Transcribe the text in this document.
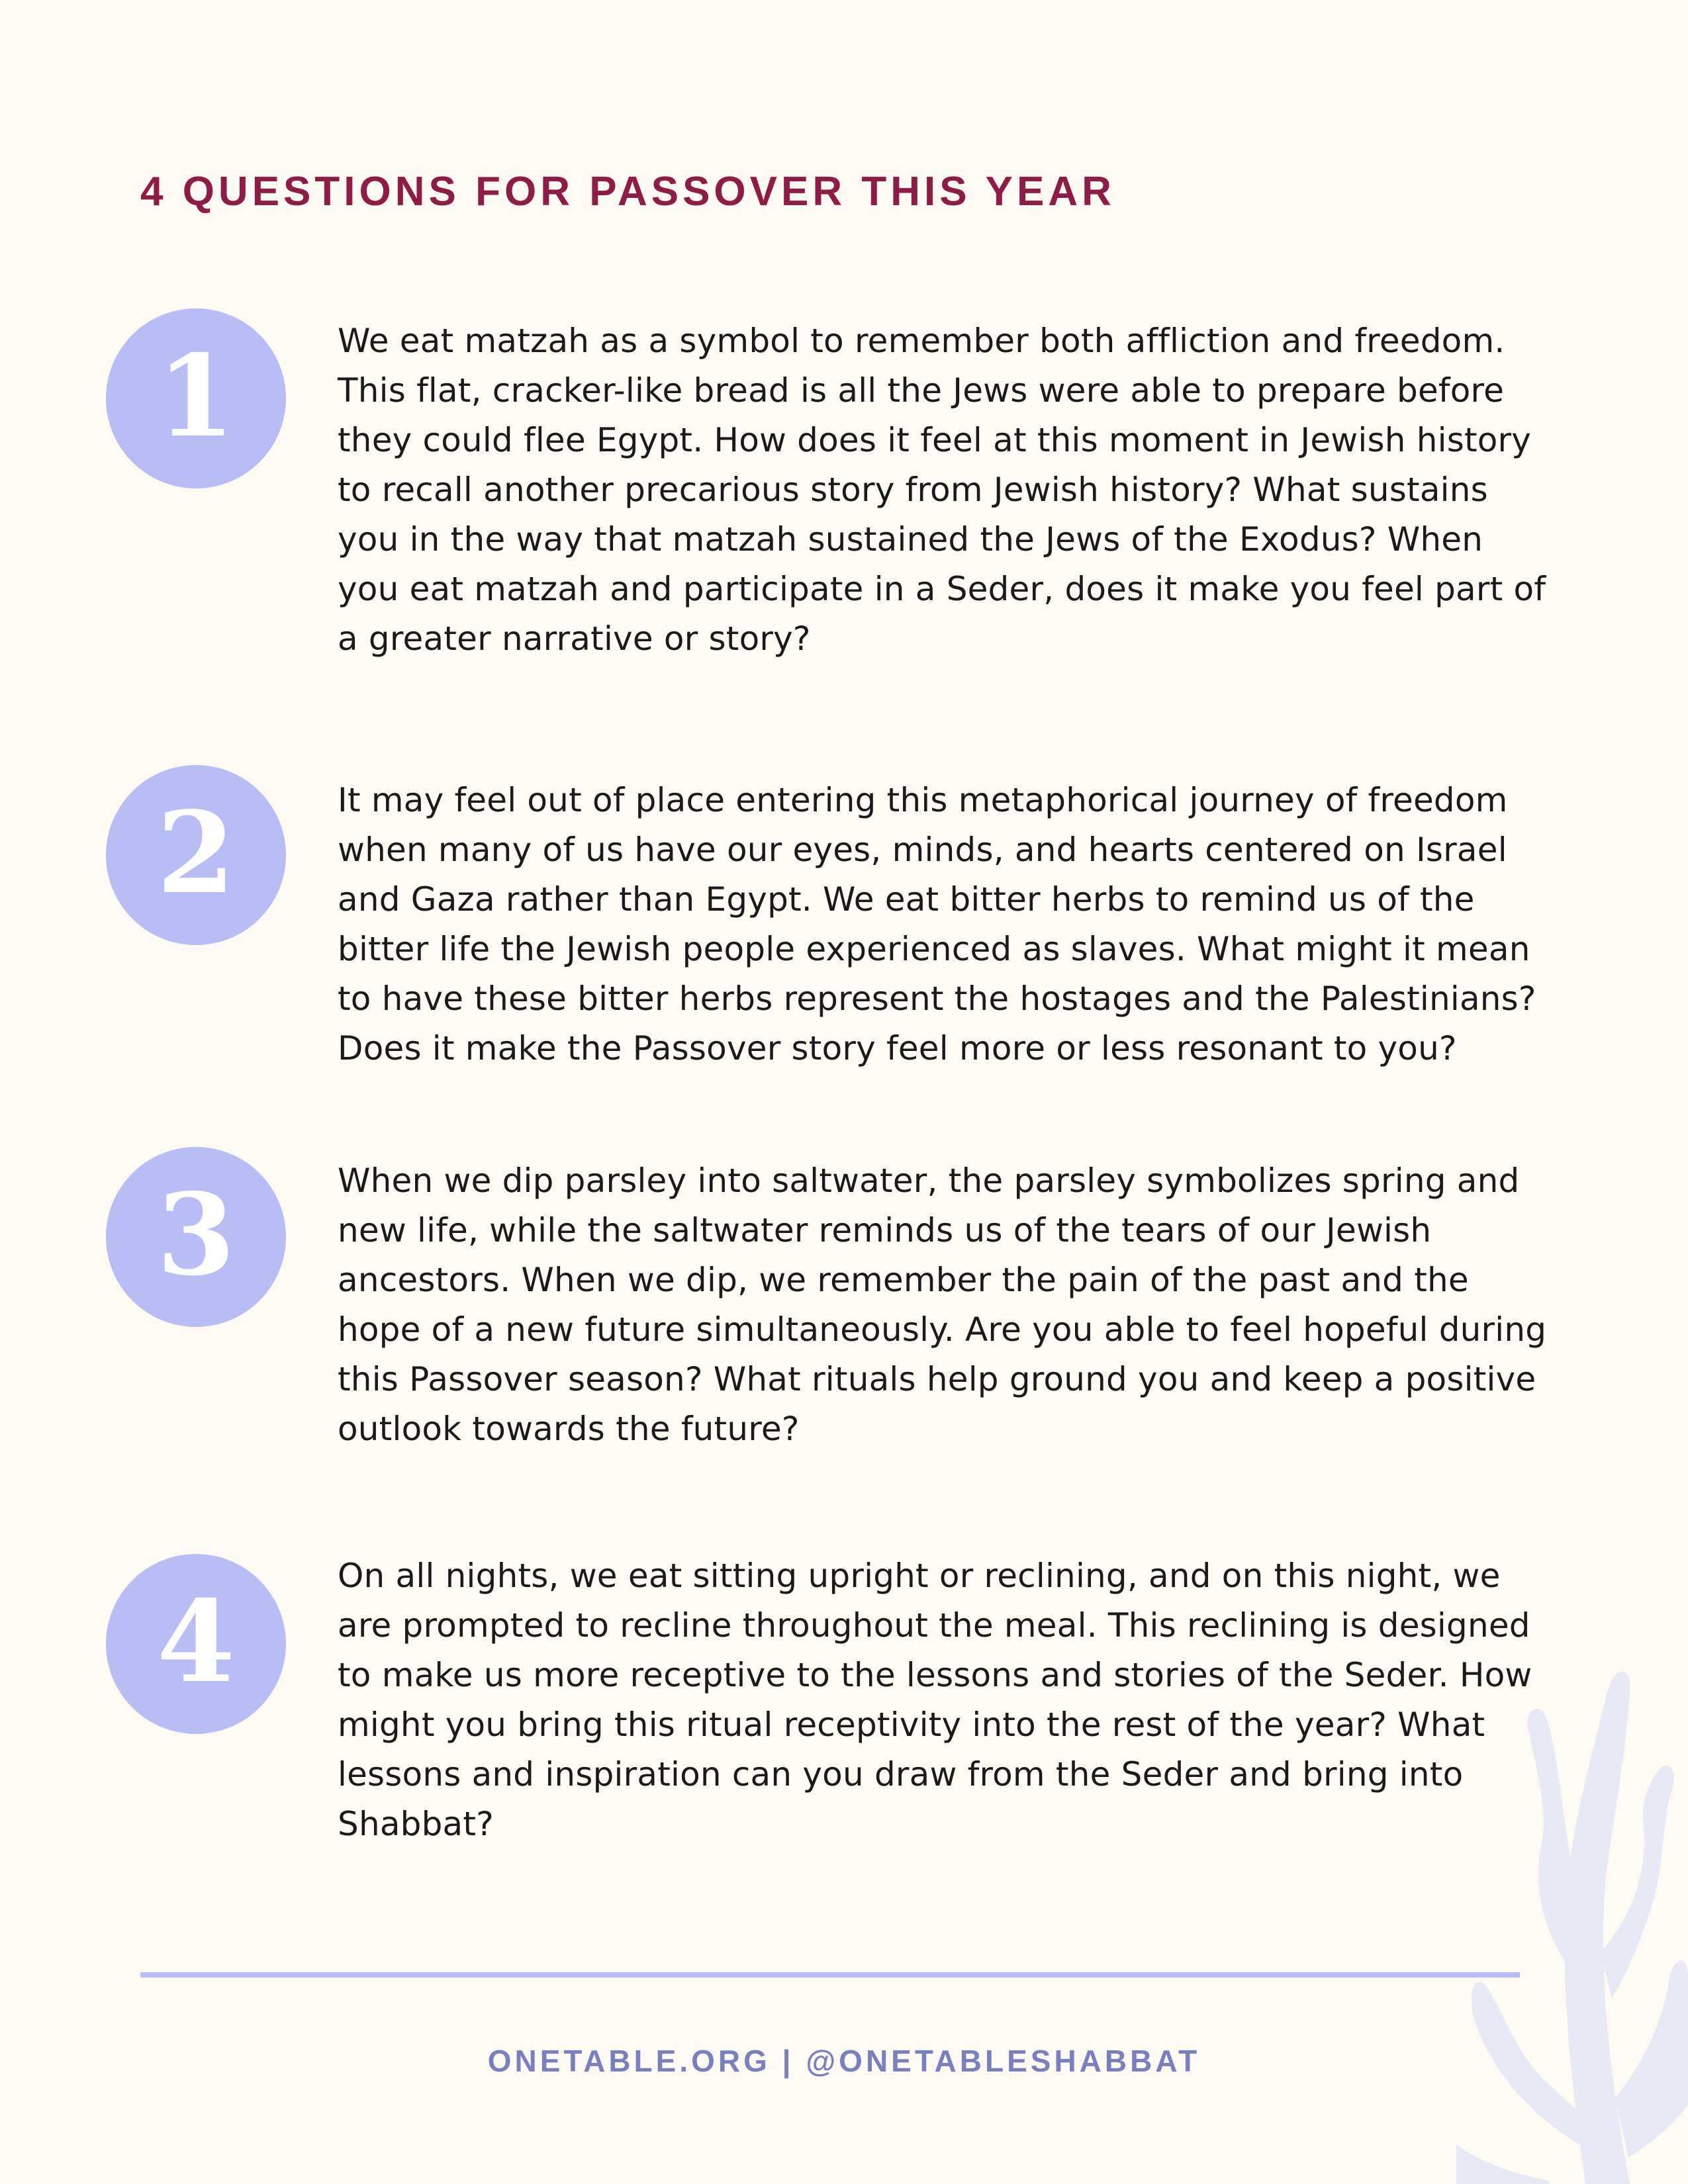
4 QUESTIONS FOR PASSOVER THIS YEAR
1	We eat matzah as a symbol to remember both affliction and freedom. This flat, cracker-like bread is all the Jews were able to prepare before they could flee Egypt. How does it feel at this moment in Jewish history to recall another precarious story from Jewish history? What sustains you in the way that matzah sustained the Jews of the Exodus? When you eat matzah and participate in a Seder, does it make you feel part of a greater narrative or story?

2	It may feel out of place entering this metaphorical journey of freedom when many of us have our eyes, minds, and hearts centered on Israel and Gaza rather than Egypt. We eat bitter herbs to remind us of the bitter life the Jewish people experienced as slaves. What might it mean to have these bitter herbs represent the hostages and the Palestinians? Does it make the Passover story feel more or less resonant to you?

3	When we dip parsley into saltwater, the parsley symbolizes spring and new life, while the saltwater reminds us of the tears of our Jewish ancestors. When we dip, we remember the pain of the past and the hope of a new future simultaneously. Are you able to feel hopeful during this Passover season? What rituals help ground you and keep a positive outlook towards the future?

4	On all nights, we eat sitting upright or reclining, and on this night, we are prompted to recline throughout the meal. This reclining is designed to make us more receptive to the lessons and stories of the Seder. How might you bring this ritual receptivity into the rest of the year? What lessons and inspiration can you draw from the Seder and bring into Shabbat?

ONETABLE.ORG | @ONETABLESHABBAT
